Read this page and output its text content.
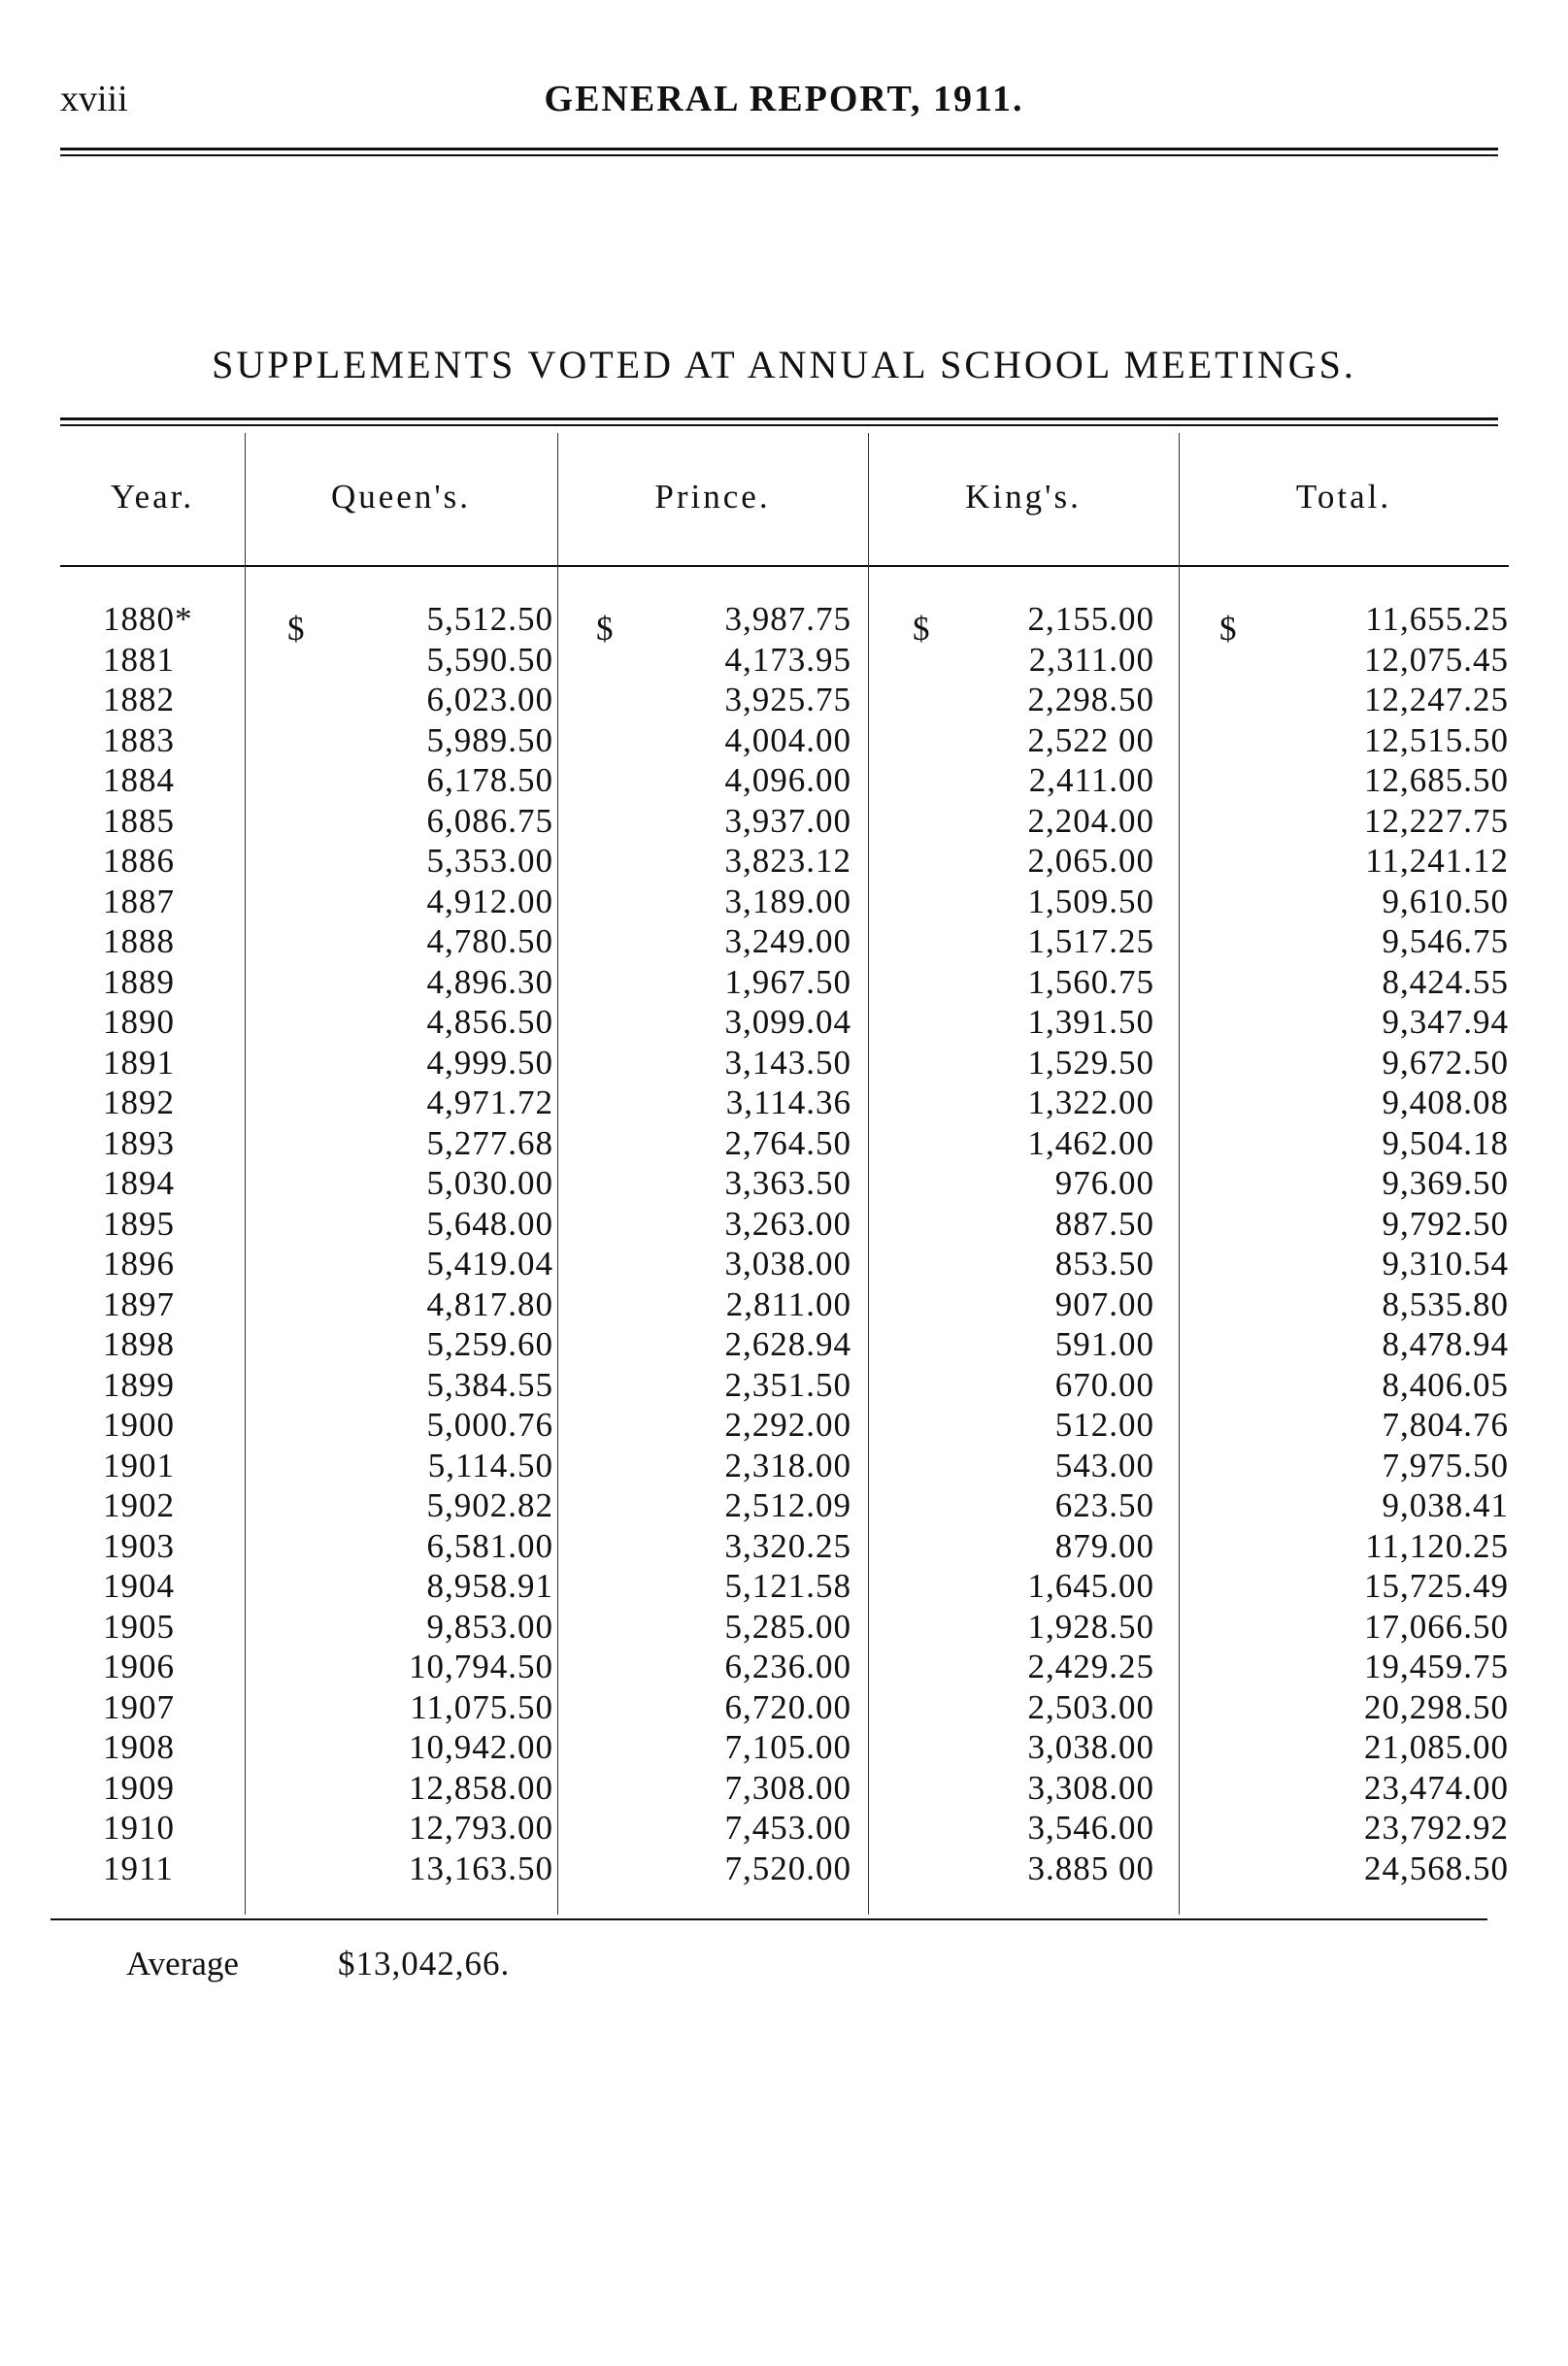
xviii	GENERAL REPORT, 1911.
SUPPLEMENTS VOTED AT ANNUAL SCHOOL MEETINGS.
Year.	Queen's.	Prince.	King's.	Total.
$	$	$	$
1880*	5,512.50	3,987.75	2,155.00	11,655.25
1881	5,590.50	4,173.95	2,311.00	12,075.45
1882	6,023.00	3,925.75	2,298.50	12,247.25
1883	5,989.50	4,004.00	2,522 00	12,515.50
1884	6,178.50	4,096.00	2,411.00	12,685.50
1885	6,086.75	3,937.00	2,204.00	12,227.75
1886	5,353.00	3,823.12	2,065.00	11,241.12
1887	4,912.00	3,189.00	1,509.50	9,610.50
1888	4,780.50	3,249.00	1,517.25	9,546.75
1889	4,896.30	1,967.50	1,560.75	8,424.55
1890	4,856.50	3,099.04	1,391.50	9,347.94
1891	4,999.50	3,143.50	1,529.50	9,672.50
1892	4,971.72	3,114.36	1,322.00	9,408.08
1893	5,277.68	2,764.50	1,462.00	9,504.18
1894	5,030.00	3,363.50	976.00	9,369.50
1895	5,648.00	3,263.00	887.50	9,792.50
1896	5,419.04	3,038.00	853.50	9,310.54
1897	4,817.80	2,811.00	907.00	8,535.80
1898	5,259.60	2,628.94	591.00	8,478.94
1899	5,384.55	2,351.50	670.00	8,406.05
1900	5,000.76	2,292.00	512.00	7,804.76
1901	5,114.50	2,318.00	543.00	7,975.50
1902	5,902.82	2,512.09	623.50	9,038.41
1903	6,581.00	3,320.25	879.00	11,120.25
1904	8,958.91	5,121.58	1,645.00	15,725.49
1905	9,853.00	5,285.00	1,928.50	17,066.50
1906	10,794.50	6,236.00	2,429.25	19,459.75
1907	11,075.50	6,720.00	2,503.00	20,298.50
1908	10,942.00	7,105.00	3,038.00	21,085.00
1909	12,858.00	7,308.00	3,308.00	23,474.00
1910	12,793.00	7,453.00	3,546.00	23,792.92
1911	13,163.50	7,520.00	3.885 00	24,568.50
Average	$13,042,66.
